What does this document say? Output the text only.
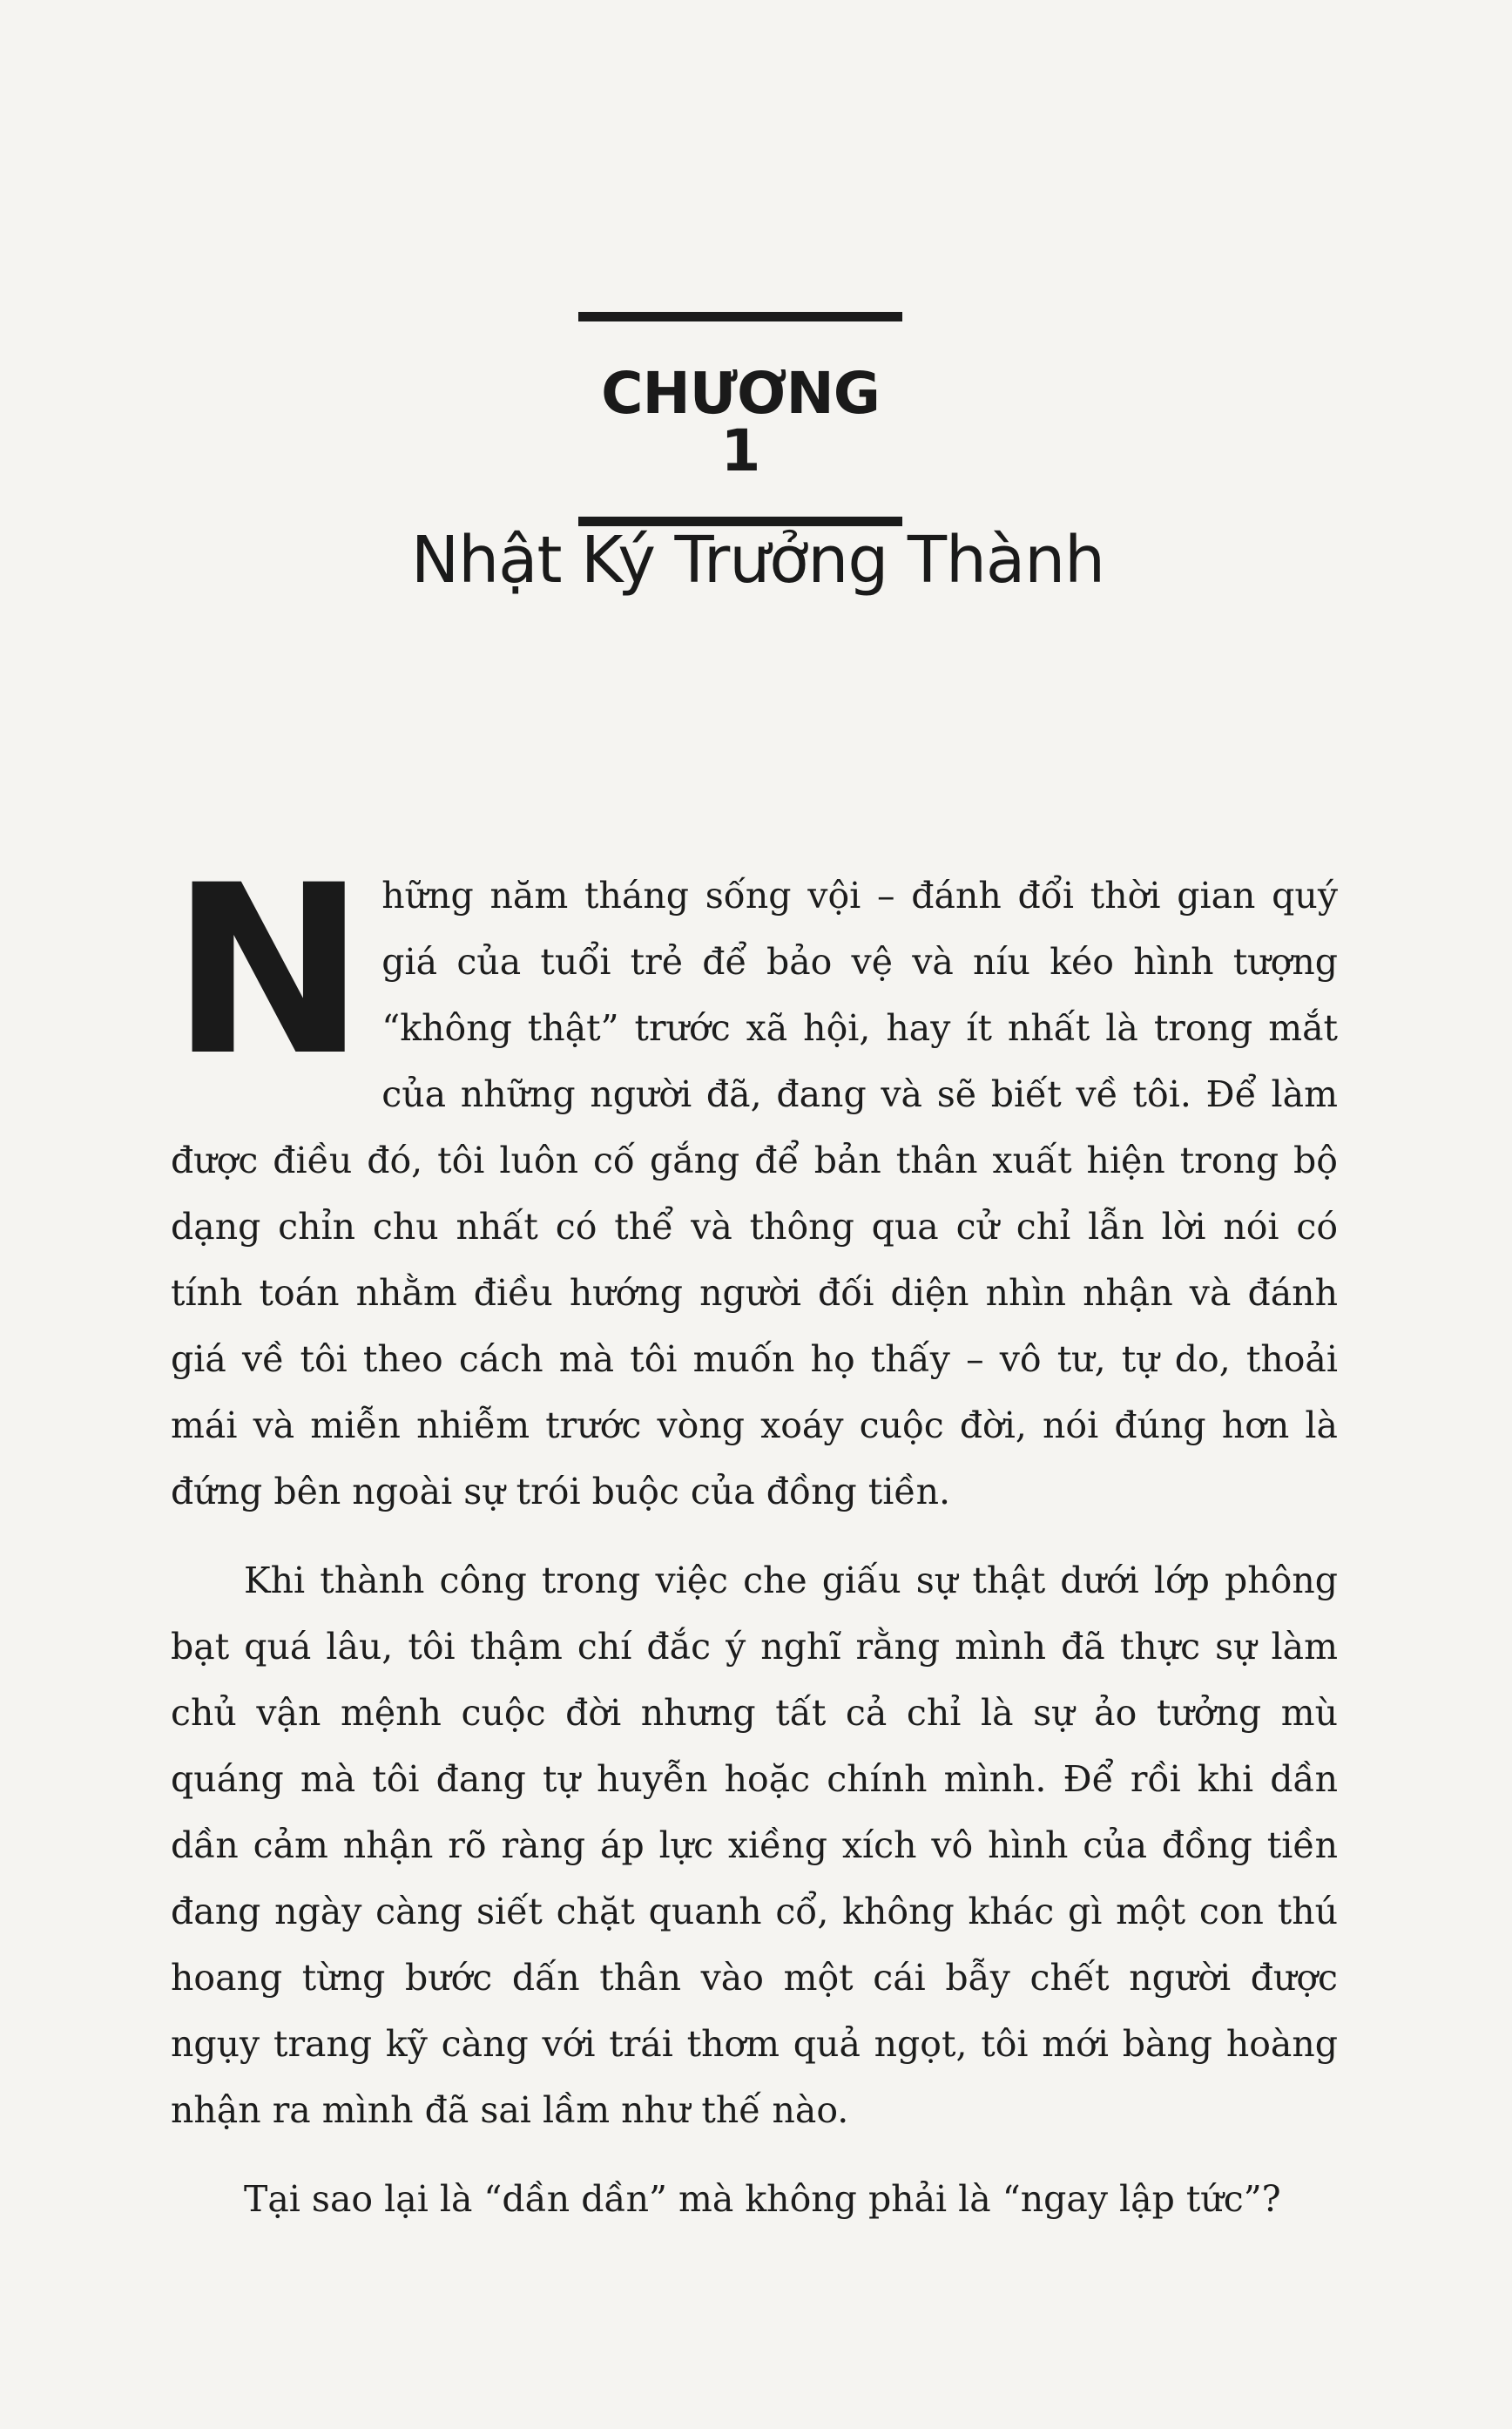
CHƯƠNG 1
Nhật Ký Trưởng Thành

Những năm tháng sống vội – đánh đổi thời gian quý giá của tuổi trẻ để bảo vệ và níu kéo hình tượng “không thật” trước xã hội, hay ít nhất là trong mắt của những người đã, đang và sẽ biết về tôi. Để làm được điều đó, tôi luôn cố gắng để bản thân xuất hiện trong bộ dạng chỉn chu nhất có thể và thông qua cử chỉ lẫn lời nói có tính toán nhằm điều hướng người đối diện nhìn nhận và đánh giá về tôi theo cách mà tôi muốn họ thấy – vô tư, tự do, thoải mái và miễn nhiễm trước vòng xoáy cuộc đời, nói đúng hơn là đứng bên ngoài sự trói buộc của đồng tiền.

Khi thành công trong việc che giấu sự thật dưới lớp phông bạt quá lâu, tôi thậm chí đắc ý nghĩ rằng mình đã thực sự làm chủ vận mệnh cuộc đời nhưng tất cả chỉ là sự ảo tưởng mù quáng mà tôi đang tự huyễn hoặc chính mình. Để rồi khi dần dần cảm nhận rõ ràng áp lực xiềng xích vô hình của đồng tiền đang ngày càng siết chặt quanh cổ, không khác gì một con thú hoang từng bước dấn thân vào một cái bẫy chết người được ngụy trang kỹ càng với trái thơm quả ngọt, tôi mới bàng hoàng nhận ra mình đã sai lầm như thế nào.

Tại sao lại là “dần dần” mà không phải là “ngay lập tức”?
